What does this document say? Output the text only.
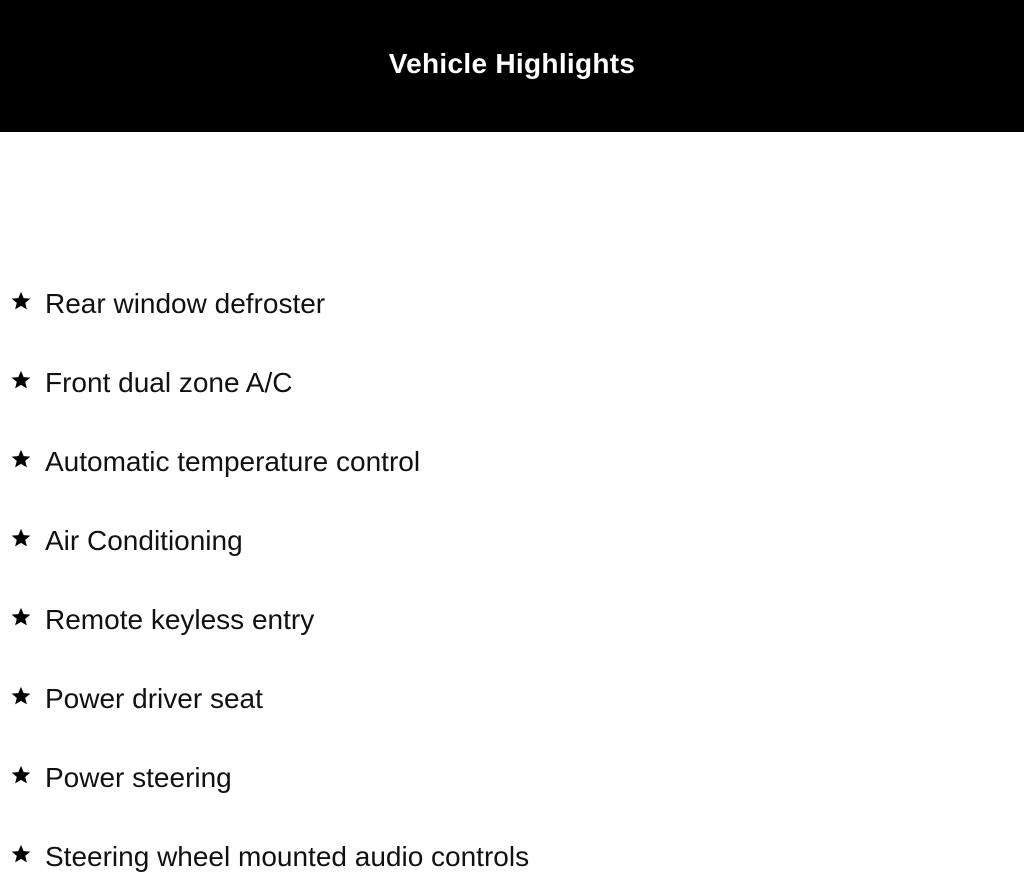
Vehicle Highlights
Rear window defroster
Front dual zone A/C
Automatic temperature control
Air Conditioning
Remote keyless entry
Power driver seat
Power steering
Steering wheel mounted audio controls
